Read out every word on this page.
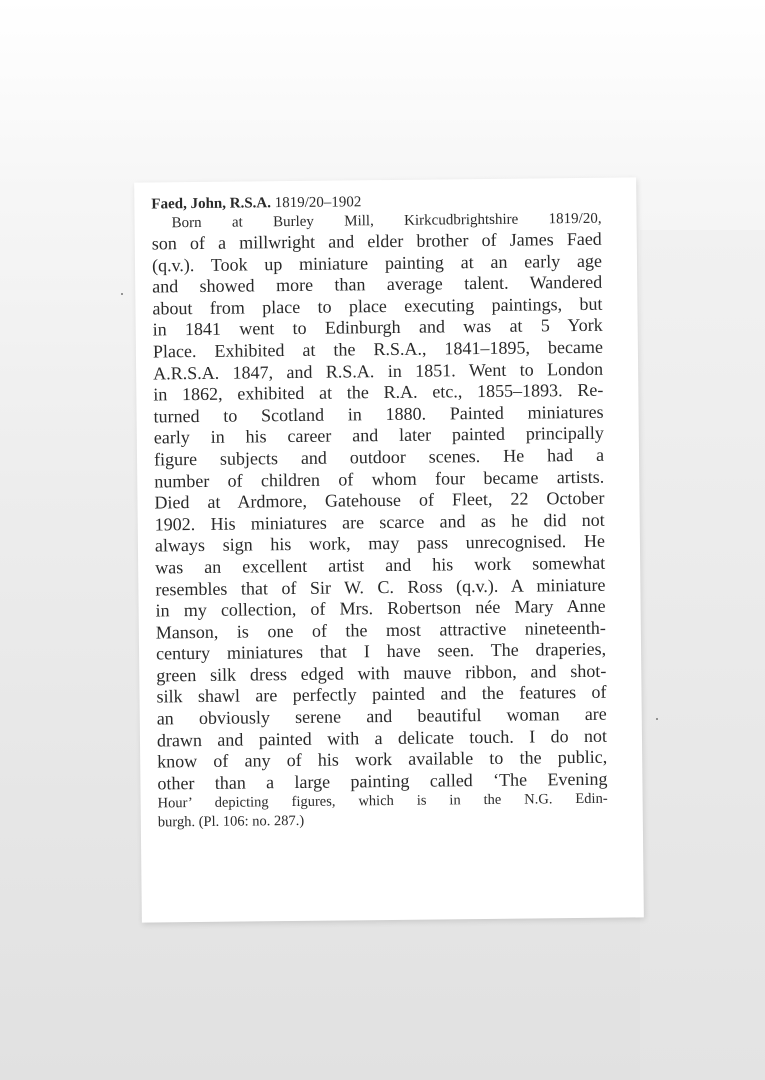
Faed, John, R.S.A. 1819/20–1902
Born at Burley Mill, Kirkcudbrightshire 1819/20,
son of a millwright and elder brother of James Faed
(q.v.). Took up miniature painting at an early age
and showed more than average talent. Wandered
about from place to place executing paintings, but
in 1841 went to Edinburgh and was at 5 York
Place. Exhibited at the R.S.A., 1841–1895, became
A.R.S.A. 1847, and R.S.A. in 1851. Went to London
in 1862, exhibited at the R.A. etc., 1855–1893. Re-
turned to Scotland in 1880. Painted miniatures
early in his career and later painted principally
figure subjects and outdoor scenes. He had a
number of children of whom four became artists.
Died at Ardmore, Gatehouse of Fleet, 22 October
1902. His miniatures are scarce and as he did not
always sign his work, may pass unrecognised. He
was an excellent artist and his work somewhat
resembles that of Sir W. C. Ross (q.v.). A miniature
in my collection, of Mrs. Robertson née Mary Anne
Manson, is one of the most attractive nineteenth-
century miniatures that I have seen. The draperies,
green silk dress edged with mauve ribbon, and shot-
silk shawl are perfectly painted and the features of
an obviously serene and beautiful woman are
drawn and painted with a delicate touch. I do not
know of any of his work available to the public,
other than a large painting called ‘The Evening
Hour’ depicting figures, which is in the N.G. Edin-
burgh. (Pl. 106: no. 287.)
